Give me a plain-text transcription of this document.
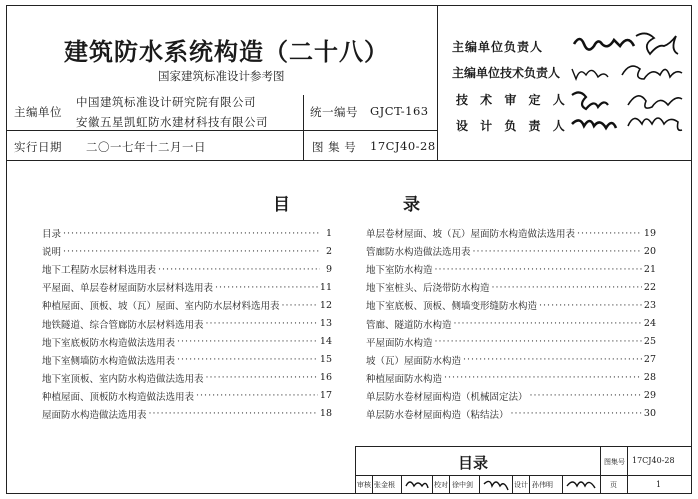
建筑防水系统构造（二十八）
国家建筑标准设计参考图
主编单位
中国建筑标准设计研究院有限公司
安徽五星凯虹防水建材科技有限公司
统一编号 GJCT-163
实行日期 二〇一七年十二月一日	图 集 号 17CJ40-28
主编单位负责人
主编单位技术负责人
技 术 审 定 人
设 计 负 责 人
目	录
目录 ·····	1
说明 ·····	2
地下工程防水层材料选用表 ·····	9
平屋面、单层卷材屋面防水层材料选用表 ·····	11
种植屋面、顶板、坡（瓦）屋面、室内防水层材料选用表 ·····	12
地铁隧道、综合管廊防水层材料选用表 ·····	13
地下室底板防水构造做法选用表 ·····	14
地下室侧墙防水构造做法选用表 ·····	15
地下室顶板、室内防水构造做法选用表 ·····	16
种植屋面、顶板防水构造做法选用表 ·····	17
屋面防水构造做法选用表 ·····	18
单层卷材屋面、坡（瓦）屋面防水构造做法选用表 ·····	19
管廊防水构造做法选用表 ·····	20
地下室防水构造 ·····	21
地下室桩头、后浇带防水构造 ·····	22
地下室底板、顶板、侧墙变形缝防水构造 ·····	23
管廊、隧道防水构造 ·····	24
平屋面防水构造 ·····	25
坡（瓦）屋面防水构造 ·····	27
种植屋面防水构造 ·····	28
单层防水卷材屋面构造（机械固定法） ·····	29
单层防水卷材屋面构造（粘结法） ·····	30
目录	图集号 17CJ40-28
审核 张金根	校对 徐中剑	设计 孙伟明	页	1
